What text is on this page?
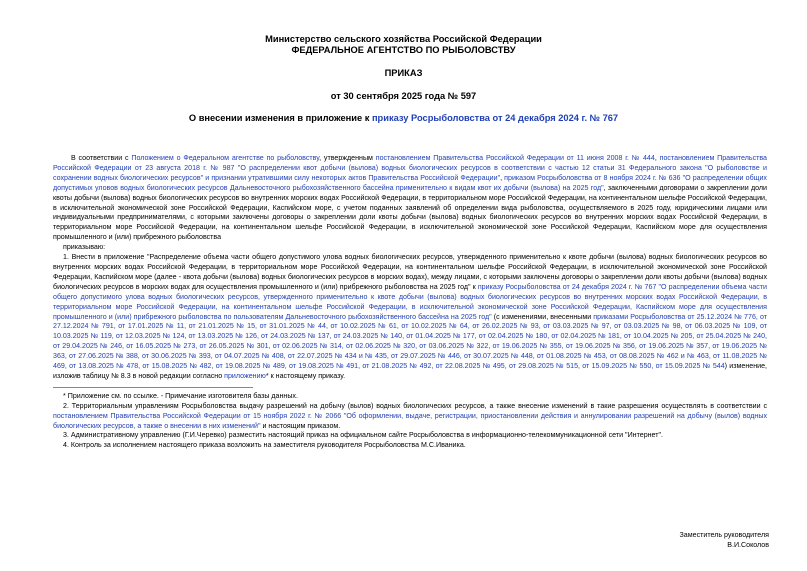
Министерство сельского хозяйства Российской Федерации
ФЕДЕРАЛЬНОЕ АГЕНТСТВО ПО РЫБОЛОВСТВУ
ПРИКАЗ
от 30 сентября 2025 года № 597
О внесении изменения в приложение к приказу Росрыболовства от 24 декабря 2024 г. № 767

В соответствии с Положением о Федеральном агентстве по рыболовству, утвержденным постановлением Правительства Российской Федерации от 11 июня 2008 г. № 444, постановлением Правительства Российской Федерации от 23 августа 2018 г. № 987 "О распределении квот добычи (вылова) водных биологических ресурсов в соответствии с частью 12 статьи 31 Федерального закона "О рыболовстве и сохранении водных биологических ресурсов" и признании утратившими силу некоторых актов Правительства Российской Федерации", приказом Росрыболовства от 8 ноября 2024 г. № 636 "О распределении общих допустимых уловов водных биологических ресурсов Дальневосточного рыбохозяйственного бассейна применительно к видам квот их добычи (вылова) на 2025 год", заключенными договорами о закреплении доли квоты добычи (вылова) водных биологических ресурсов во внутренних морских водах Российской Федерации, в территориальном море Российской Федерации, на континентальном шельфе Российской Федерации, в исключительной экономической зоне Российской Федерации, Каспийском море, с учетом поданных заявлений об определении вида рыболовства, осуществляемого в 2025 году, юридическими лицами или индивидуальными предпринимателями, с которыми заключены договоры о закреплении доли квоты добычи (вылова) водных биологических ресурсов во внутренних морских водах Российской Федерации, в территориальном море Российской Федерации, на континентальном шельфе Российской Федерации, в исключительной экономической зоне Российской Федерации, Каспийском море для осуществления промышленного и (или) прибрежного рыболовства

приказываю:

1. Внести в приложение "Распределение объема части общего допустимого улова водных биологических ресурсов, утвержденного применительно к квоте добычи (вылова) водных биологических ресурсов во внутренних морских водах Российской Федерации, в территориальном море Российской Федерации, на континентальном шельфе Российской Федерации, в исключительной экономической зоне Российской Федерации, Каспийском море (далее - квота добычи (вылова) водных биологических ресурсов в морских водах), между лицами, с которыми заключены договоры о закреплении доли квоты добычи (вылова) водных биологических ресурсов в морских водах для осуществления промышленного и (или) прибрежного рыболовства на 2025 год" к приказу Росрыболовства от 24 декабря 2024 г. № 767 "О распределении объема части общего допустимого улова водных биологических ресурсов, утвержденного применительно к квоте добычи (вылова) водных биологических ресурсов во внутренних морских водах Российской Федерации, в территориальном море Российской Федерации, на континентальном шельфе Российской Федерации, в исключительной экономической зоне Российской Федерации, Каспийском море для осуществления промышленного и (или) прибрежного рыболовства по пользователям Дальневосточного рыбохозяйственного бассейна на 2025 год" (с изменениями, внесенными приказами Росрыболовства от 25.12.2024 № 776, от 27.12.2024 № 791, от 17.01.2025 № 11, от 21.01.2025 № 15, от 31.01.2025 № 44, от 10.02.2025 № 61, от 10.02.2025 № 64, от 26.02.2025 № 93, от 03.03.2025 № 97, от 03.03.2025 № 98, от 06.03.2025 № 109, от 10.03.2025 № 119, от 12.03.2025 № 124, от 13.03.2025 № 126, от 24.03.2025 № 137, от 24.03.2025 № 140, от 01.04.2025 № 177, от 02.04.2025 № 180, от 02.04.2025 № 181, от 10.04.2025 № 205, от 25.04.2025 № 240, от 29.04.2025 № 246, от 16.05.2025 № 273, от 26.05.2025 № 301, от 02.06.2025 № 314, от 02.06.2025 № 320, от 03.06.2025 № 322, от 19.06.2025 № 355, от 19.06.2025 № 356, от 19.06.2025 № 357, от 19.06.2025 № 363, от 27.06.2025 № 388, от 30.06.2025 № 393, от 04.07.2025 № 408, от 22.07.2025 № 434 и № 435, от 29.07.2025 № 446, от 30.07.2025 № 448, от 01.08.2025 № 453, от 08.08.2025 № 462 и № 463, от 11.08.2025 № 469, от 13.08.2025 № 478, от 15.08.2025 № 482, от 19.08.2025 № 489, от 19.08.2025 № 491, от 21.08.2025 № 492, от 22.08.2025 № 495, от 29.08.2025 № 515, от 15.09.2025 № 550, от 15.09.2025 № 544) изменение, изложив таблицу № 8.3 в новой редакции согласно приложению* к настоящему приказу.

* Приложение см. по ссылке. - Примечание изготовителя базы данных.

2. Территориальным управлениям Росрыболовства выдачу разрешений на добычу (вылов) водных биологических ресурсов, а также внесение изменений в такие разрешения осуществлять в соответствии с постановлением Правительства Российской Федерации от 15 ноября 2022 г. № 2066 "Об оформлении, выдаче, регистрации, приостановлении действия и аннулировании разрешений на добычу (вылов) водных биологических ресурсов, а также о внесении в них изменений" и настоящим приказом.

3. Административному управлению (Г.И.Черевко) разместить настоящий приказ на официальном сайте Росрыболовства в информационно-телекоммуникационной сети "Интернет".

4. Контроль за исполнением настоящего приказа возложить на заместителя руководителя Росрыболовства М.С.Иваника.

Заместитель руководителя
В.И.Соколов
